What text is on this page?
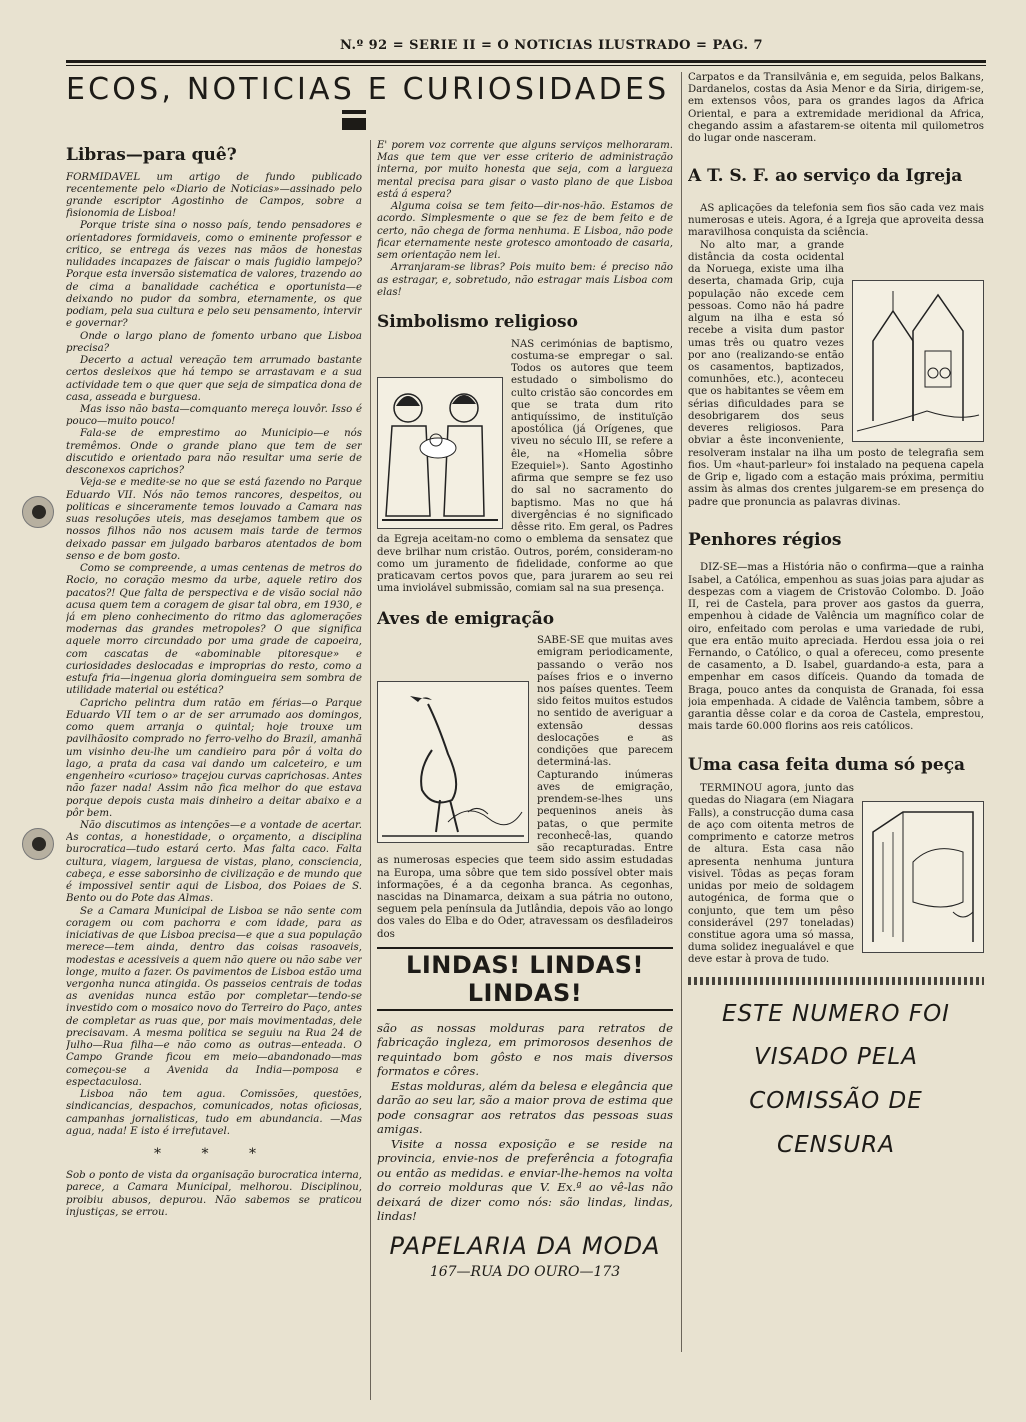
N.º 92 = SERIE II = O NOTICIAS ILUSTRADO = PAG. 7
ECOS, NOTICIAS E CURIOSIDADES
Libras—para quê?

FORMIDAVEL um artigo de fundo publicado recentemente pelo «Diario de Noticias»—assinado pelo grande escriptor Agostinho de Campos, sobre a fisionomia de Lisboa!

Porque triste sina o nosso país, tendo pensadores e orientadores formidaveis, como o eminente professor e critico, se entrega ás vezes nas mãos de honestas nulidades incapazes de faiscar o mais fugidio lampejo? Porque esta inversão sistematica de valores, trazendo ao de cima a banalidade cachética e oportunista—e deixando no pudor da sombra, eternamente, os que podiam, pela sua cultura e pelo seu pensamento, intervir e governar?

Onde o largo plano de fomento urbano que Lisboa precisa?

Decerto a actual vereação tem arrumado bastante certos desleixos que há tempo se arrastavam e a sua actividade tem o que quer que seja de simpatica dona de casa, asseada e burguesa.

Mas isso não basta—comquanto mereça louvôr. Isso é pouco—muito pouco!

Fala-se de emprestimo ao Municipio—e nós tremêmos. Onde o grande plano que tem de ser discutido e orientado para não resultar uma serie de desconexos caprichos?

Veja-se e medite-se no que se está fazendo no Parque Eduardo VII. Nós não temos rancores, despeitos, ou politicas e sinceramente temos louvado a Camara nas suas resoluções uteis, mas desejamos tambem que os nossos filhos não nos acusem mais tarde de termos deixado passar em julgado barbaros atentados de bom senso e de bom gosto.

Como se compreende, a umas centenas de metros do Rocio, no coração mesmo da urbe, aquele retiro dos pacatos?! Que falta de perspectiva e de visão social não acusa quem tem a coragem de gisar tal obra, em 1930, e já em pleno conhecimento do ritmo das aglomerações modernas das grandes metropoles? O que significa aquele morro circundado por uma grade de capoeira, com cascatas de «abominable pitoresque» e curiosidades deslocadas e improprias do resto, como a estufa fria—ingenua gloria domingueira sem sombra de utilidade material ou estética?

Capricho pelintra dum ratão em férias—o Parque Eduardo VII tem o ar de ser arrumado aos domingos, como quem arranja o quintal; hoje trouxe um pavilhãosito comprado no ferro-velho do Brazil, amanhã um visinho deu-lhe um candieiro para pôr á volta do lago, a prata da casa vai dando um calceteiro, e um engenheiro «curioso» traçejou curvas caprichosas. Antes não fazer nada! Assim não fica melhor do que estava porque depois custa mais dinheiro a deitar abaixo e a pôr bem.

Não discutimos as intenções—e a vontade de acertar. As contas, a honestidade, o orçamento, a disciplina burocratica—tudo estará certo. Mas falta caco. Falta cultura, viagem, larguesa de vistas, plano, consciencia, cabeça, e esse saborsinho de civilização e de mundo que é impossivel sentir aqui de Lisboa, dos Poiaes de S. Bento ou do Pote das Almas.

Se a Camara Municipal de Lisboa se não sente com coragem ou com pachorra e com idade, para as iniciativas de que Lisboa precisa—e que a sua população merece—tem ainda, dentro das coisas rasoaveis, modestas e acessiveis a quem não quere ou não sabe ver longe, muito a fazer. Os pavimentos de Lisboa estão uma vergonha nunca atingida. Os passeios centrais de todas as avenidas nunca estão por completar—tendo-se investido com o mosaico novo do Terreiro do Paço, antes de completar as ruas que, por mais movimentadas, dele precisavam. A mesma politica se seguiu na Rua 24 de Julho—Rua filha—e não como as outras—enteada. O Campo Grande ficou em meio—abandonado—mas começou-se a Avenida da India—pomposa e espectaculosa.

Lisboa não tem agua. Comissões, questões, sindicancias, despachos, comunicados, notas oficiosas, campanhas jornalisticas, tudo em abundancia. —Mas agua, nada! E isto é irrefutavel.

* * *

Sob o ponto de vista da organisação burocratica interna, parece, a Camara Municipal, melhorou. Disciplinou, proibiu abusos, depurou. Não sabemos se praticou injustiças, se errou.

E' porem voz corrente que alguns serviços melhoraram. Mas que tem que ver esse criterio de administração interna, por muito honesta que seja, com a largueza mental precisa para gisar o vasto plano de que Lisboa está á espera?

Alguma coisa se tem feito—dir-nos-hão. Estamos de acordo. Simplesmente o que se fez de bem feito e de certo, não chega de forma nenhuma. E Lisboa, não pode ficar eternamente neste grotesco amontoado de casaria, sem orientação nem lei.

Arranjaram-se libras? Pois muito bem: é preciso não as estragar, e, sobretudo, não estragar mais Lisboa com elas!

Simbolismo religioso

NAS cerimónias de baptismo, costuma-se empregar o sal. Todos os autores que teem estudado o simbolismo do culto cristão são concordes em que se trata dum rito antiquíssimo, de instituïção apostólica (já Orígenes, que viveu no século III, se refere a êle, na «Homelia sôbre Ezequiel»). Santo Agostinho afirma que sempre se fez uso do sal no sacramento do baptismo. Mas no que há divergências é no significado dêsse rito. Em geral, os Padres da Egreja aceitam-no como o emblema da sensatez que deve brilhar num cristão. Outros, porém, consideram-no como um juramento de fidelidade, conforme ao que praticavam certos povos que, para jurarem ao seu rei uma inviolável submissão, comiam sal na sua presença.

Aves de emigração

SABE-SE que muitas aves emigram periodicamente, passando o verão nos países frios e o inverno nos países quentes. Teem sido feitos muitos estudos no sentido de averiguar a extensão dessas deslocações e as condições que parecem determiná-las. Capturando inúmeras aves de emigração, prendem-se-lhes uns pequeninos aneis às patas, o que permite reconhecê-las, quando são recapturadas. Entre as numerosas especies que teem sido assim estudadas na Europa, uma sôbre que tem sido possível obter mais informações, é a da cegonha branca. As cegonhas, nascidas na Dinamarca, deixam a sua pátria no outono, seguem pela península da Jutlândia, depois vão ao longo dos vales do Elba e do Oder, atravessam os desfiladeiros dos

LINDAS! LINDAS! LINDAS!

são as nossas molduras para retratos de fabricação ingleza, em primorosos desenhos de requintado bom gôsto e nos mais diversos formatos e côres.

Estas molduras, além da belesa e elegância que darão ao seu lar, são a maior prova de estima que pode consagrar aos retratos das pessoas suas amigas.

Visite a nossa exposição e se reside na provincia, envie-nos de preferência a fotografia ou então as medidas. e enviar-lhe-hemos na volta do correio molduras que V. Ex.ª ao vê-las não deixará de dizer como nós: são lindas, lindas, lindas!

PAPELARIA DA MODA
167—RUA DO OURO—173

Carpatos e da Transilvânia e, em seguida, pelos Balkans, Dardanelos, costas da Asia Menor e da Siria, dirigem-se, em extensos vôos, para os grandes lagos da Africa Oriental, e para a extremidade meridional da Africa, chegando assim a afastarem-se oitenta mil quilometros do lugar onde nasceram.

A T. S. F. ao serviço da Igreja

AS aplicações da telefonia sem fios são cada vez mais numerosas e uteis. Agora, é a Igreja que aproveita dessa maravilhosa conquista da sciência.

No alto mar, a grande distância da costa ocidental da Noruega, existe uma ilha deserta, chamada Grip, cuja população não excede cem pessoas. Como não há padre algum na ilha e esta só recebe a visita dum pastor umas três ou quatro vezes por ano (realizando-se então os casamentos, baptizados, comunhões, etc.), aconteceu que os habitantes se vêem em sérias dificuldades para se desobrigarem dos seus deveres religiosos. Para obviar a êste inconveniente, resolveram instalar na ilha um posto de telegrafia sem fios. Um «haut-parleur» foi instalado na pequena capela de Grip e, ligado com a estação mais próxima, permitiu assim às almas dos crentes julgarem-se em presença do padre que pronuncia as palavras divinas.

Penhores régios

DIZ-SE—mas a História não o confirma—que a rainha Isabel, a Católica, empenhou as suas joias para ajudar as despezas com a viagem de Cristovão Colombo. D. João II, rei de Castela, para prover aos gastos da guerra, empenhou à cidade de Valência um magnífico colar de oiro, enfeitado com perolas e uma variedade de rubi, que era então muito apreciada. Herdou essa joia o rei Fernando, o Católico, o qual a ofereceu, como presente de casamento, a D. Isabel, guardando-a esta, para a empenhar em casos difíceis. Quando da tomada de Braga, pouco antes da conquista de Granada, foi essa joia empenhada. A cidade de Valência tambem, sôbre a garantia dêsse colar e da coroa de Castela, emprestou, mais tarde 60.000 florins aos reis católicos.

Uma casa feita duma só peça

TERMINOU agora, junto das quedas do Niagara (em Niagara Falls), a construcção duma casa de aço com oitenta metros de comprimento e catorze metros de altura. Esta casa não apresenta nenhuma juntura visivel. Tôdas as peças foram unidas por meio de soldagem autogénica, de forma que o conjunto, que tem um pêso considerável (297 toneladas) constitue agora uma só massa, duma solidez inegualável e que deve estar à prova de tudo.

ESTE NUMERO FOI VISADO PELA COMISSÃO DE CENSURA
